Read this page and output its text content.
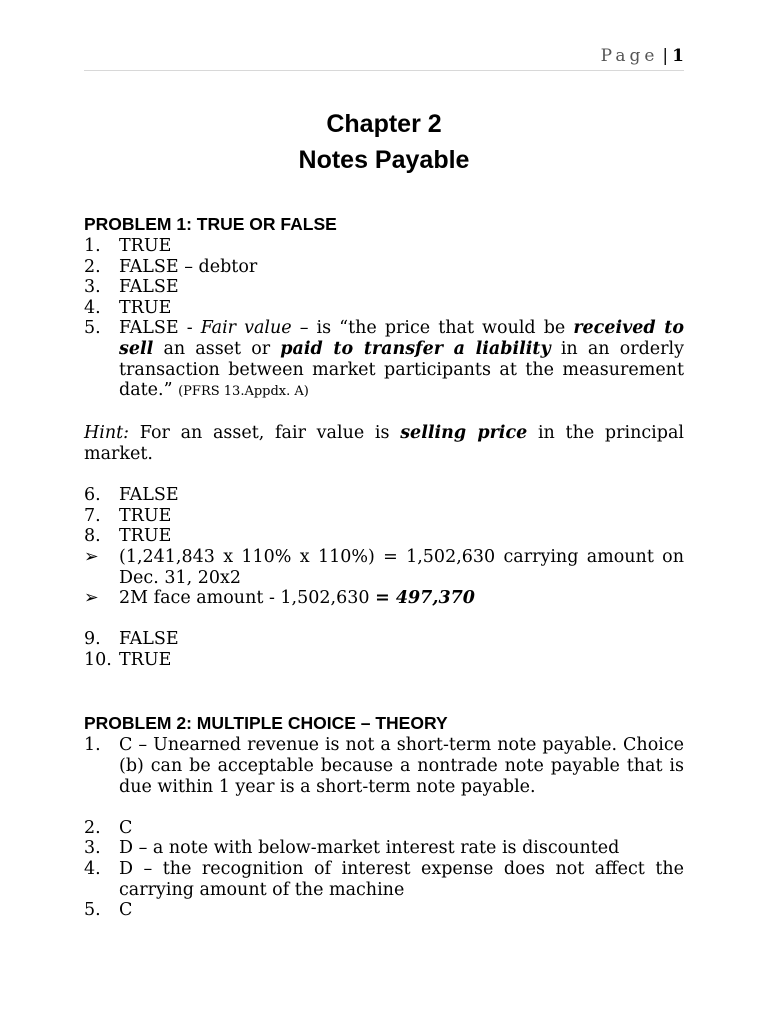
Page | 1
Chapter 2
Notes Payable
PROBLEM 1: TRUE OR FALSE
1.	TRUE
2.	FALSE – debtor
3.	FALSE
4.	TRUE
5.	FALSE - Fair value – is “the price that would be received to sell an asset or paid to transfer a liability in an orderly transaction between market participants at the measurement date.” (PFRS 13.Appdx. A)
Hint: For an asset, fair value is selling price in the principal market.
6.	FALSE
7.	TRUE
8.	TRUE
➢	(1,241,843 x 110% x 110%) = 1,502,630 carrying amount on Dec. 31, 20x2
➢	2M face amount - 1,502,630 = 497,370
9.	FALSE
10. TRUE
PROBLEM 2: MULTIPLE CHOICE – THEORY
1.	C – Unearned revenue is not a short-term note payable. Choice (b) can be acceptable because a nontrade note payable that is due within 1 year is a short-term note payable.
2.	C
3.	D – a note with below-market interest rate is discounted
4.	D – the recognition of interest expense does not affect the carrying amount of the machine
5.	C
